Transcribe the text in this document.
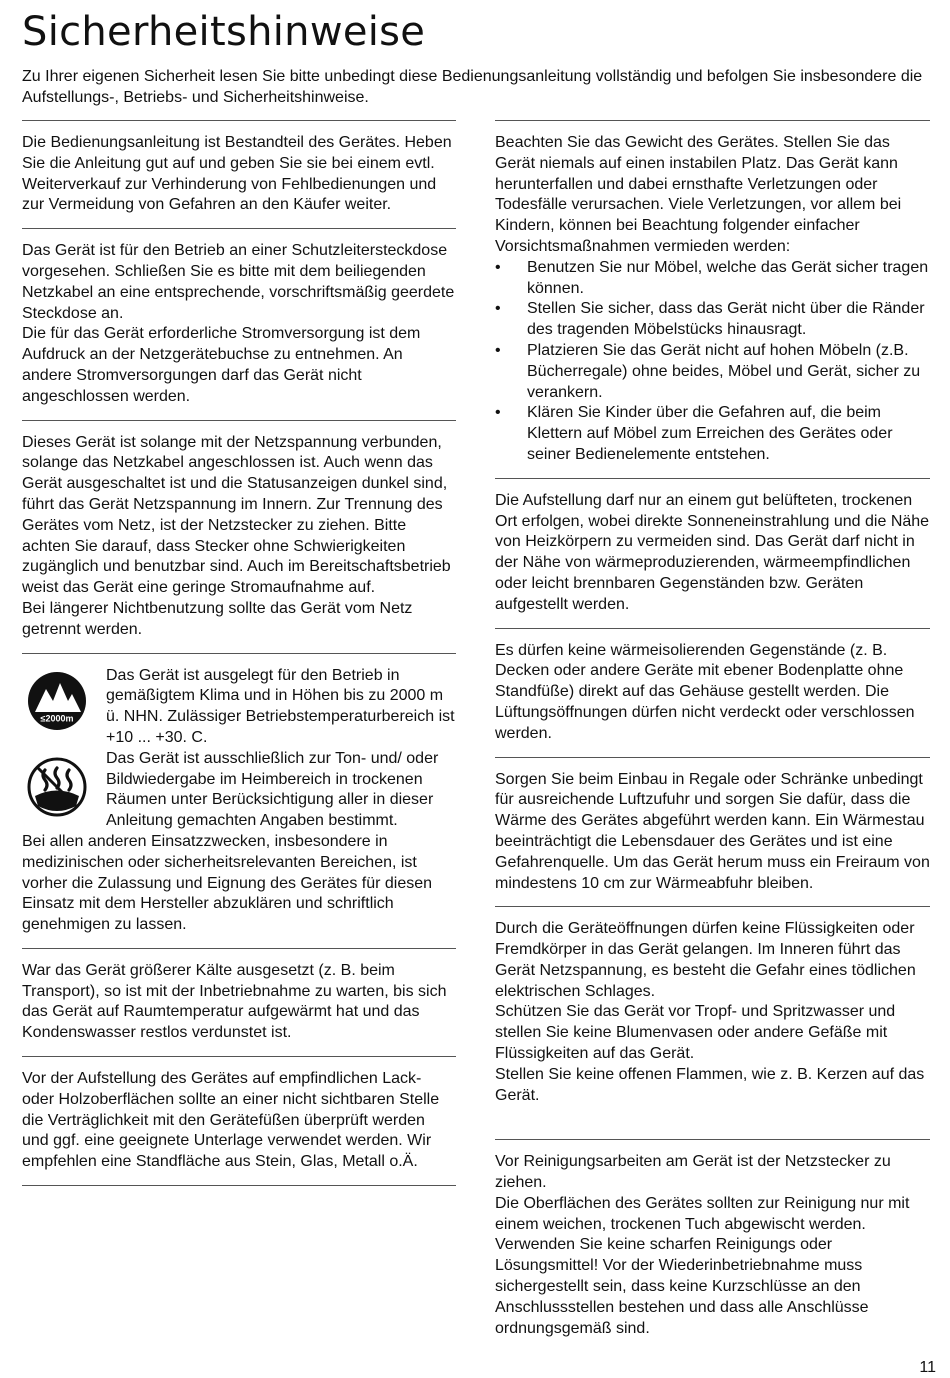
Sicherheitshinweise

Zu Ihrer eigenen Sicherheit lesen Sie bitte unbedingt diese Bedienungsanleitung vollständig und befolgen Sie insbesondere die Aufstellungs-, Betriebs- und Sicherheitshinweise.

Die Bedienungsanleitung ist Bestandteil des Gerätes. Heben Sie die Anleitung gut auf und geben Sie sie bei einem evtl. Weiterverkauf zur Verhinderung von Fehlbedienungen und zur Vermeidung von Gefahren an den Käufer weiter.

Das Gerät ist für den Betrieb an einer Schutzleitersteckdose vorgesehen. Schließen Sie es bitte mit dem beiliegenden Netzkabel an eine entsprechende, vorschriftsmäßig geerdete Steckdose an.

Die für das Gerät erforderliche Stromversorgung ist dem Aufdruck an der Netzgerätebuchse zu entnehmen. An andere Stromversorgungen darf das Gerät nicht angeschlossen werden.

Dieses Gerät ist solange mit der Netzspannung verbunden, solange das Netzkabel angeschlossen ist. Auch wenn das Gerät ausgeschaltet ist und die Statusanzeigen dunkel sind, führt das Gerät Netzspannung im Innern. Zur Trennung des Gerätes vom Netz, ist der Netzstecker zu ziehen. Bitte achten Sie darauf, dass Stecker ohne Schwierigkeiten zugänglich und benutzbar sind. Auch im Bereitschaftsbetrieb weist das Gerät eine geringe Stromaufnahme auf.

Bei längerer Nichtbenutzung sollte das Gerät vom Netz getrennt werden.

≤2000m

Das Gerät ist ausgelegt für den Betrieb in gemäßigtem Klima und in Höhen bis zu 2000 m ü. NHN. Zulässiger Betriebstemperaturbereich ist +10 ... +30. C.

Das Gerät ist ausschließlich zur Ton- und/ oder Bildwiedergabe im Heimbereich in trockenen Räumen unter Berücksichtigung aller in dieser Anleitung gemachten Angaben bestimmt.

Bei allen anderen Einsatzzwecken, insbesondere in medizinischen oder sicherheitsrelevanten Bereichen, ist vorher die Zulassung und Eignung des Gerätes für diesen Einsatz mit dem Hersteller abzuklären und schriftlich genehmigen zu lassen.

War das Gerät größerer Kälte ausgesetzt (z. B. beim Transport), so ist mit der Inbetriebnahme zu warten, bis sich das Gerät auf Raumtemperatur aufgewärmt hat und das Kondenswasser restlos verdunstet ist.

Vor der Aufstellung des Gerätes auf empfindlichen Lack- oder Holzoberflächen sollte an einer nicht sichtbaren Stelle die Verträglichkeit mit den Gerätefüßen überprüft werden und ggf. eine geeignete Unterlage verwendet werden. Wir empfehlen eine Standfläche aus Stein, Glas, Metall o.Ä.

Beachten Sie das Gewicht des Gerätes. Stellen Sie das Gerät niemals auf einen instabilen Platz. Das Gerät kann herunterfallen und dabei ernsthafte Verletzungen oder Todesfälle verursachen. Viele Verletzungen, vor allem bei Kindern, können bei Beachtung folgender einfacher Vorsichtsmaßnahmen vermieden werden:

• Benutzen Sie nur Möbel, welche das Gerät sicher tragen können.
• Stellen Sie sicher, dass das Gerät nicht über die Ränder des tragenden Möbelstücks hinausragt.
• Platzieren Sie das Gerät nicht auf hohen Möbeln (z.B. Bücherregale) ohne beides, Möbel und Gerät, sicher zu verankern.
• Klären Sie Kinder über die Gefahren auf, die beim Klettern auf Möbel zum Erreichen des Gerätes oder seiner Bedienelemente entstehen.

Die Aufstellung darf nur an einem gut belüfteten, trockenen Ort erfolgen, wobei direkte Sonneneinstrahlung und die Nähe von Heizkörpern zu vermeiden sind. Das Gerät darf nicht in der Nähe von wärmeproduzierenden, wärmeempfindlichen oder leicht brennbaren Gegenständen bzw. Geräten aufgestellt werden.

Es dürfen keine wärmeisolierenden Gegenstände (z. B. Decken oder andere Geräte mit ebener Bodenplatte ohne Standfüße) direkt auf das Gehäuse gestellt werden. Die Lüftungsöffnungen dürfen nicht verdeckt oder verschlossen werden.

Sorgen Sie beim Einbau in Regale oder Schränke unbedingt für ausreichende Luftzufuhr und sorgen Sie dafür, dass die Wärme des Gerätes abgeführt werden kann. Ein Wärmestau beeinträchtigt die Lebensdauer des Gerätes und ist eine Gefahrenquelle. Um das Gerät herum muss ein Freiraum von mindestens 10 cm zur Wärmeabfuhr bleiben.

Durch die Geräteöffnungen dürfen keine Flüssigkeiten oder Fremdkörper in das Gerät gelangen. Im Inneren führt das Gerät Netzspannung, es besteht die Gefahr eines tödlichen elektrischen Schlages.

Schützen Sie das Gerät vor Tropf- und Spritzwasser und stellen Sie keine Blumenvasen oder andere Gefäße mit Flüssigkeiten auf das Gerät.

Stellen Sie keine offenen Flammen, wie z. B. Kerzen auf das Gerät.

Vor Reinigungsarbeiten am Gerät ist der Netzstecker zu ziehen.

Die Oberflächen des Gerätes sollten zur Reinigung nur mit einem weichen, trockenen Tuch abgewischt werden. Verwenden Sie keine scharfen Reinigungs oder Lösungsmittel! Vor der Wiederinbetriebnahme muss sichergestellt sein, dass keine Kurzschlüsse an den Anschlussstellen bestehen und dass alle Anschlüsse ordnungsgemäß sind.

11
